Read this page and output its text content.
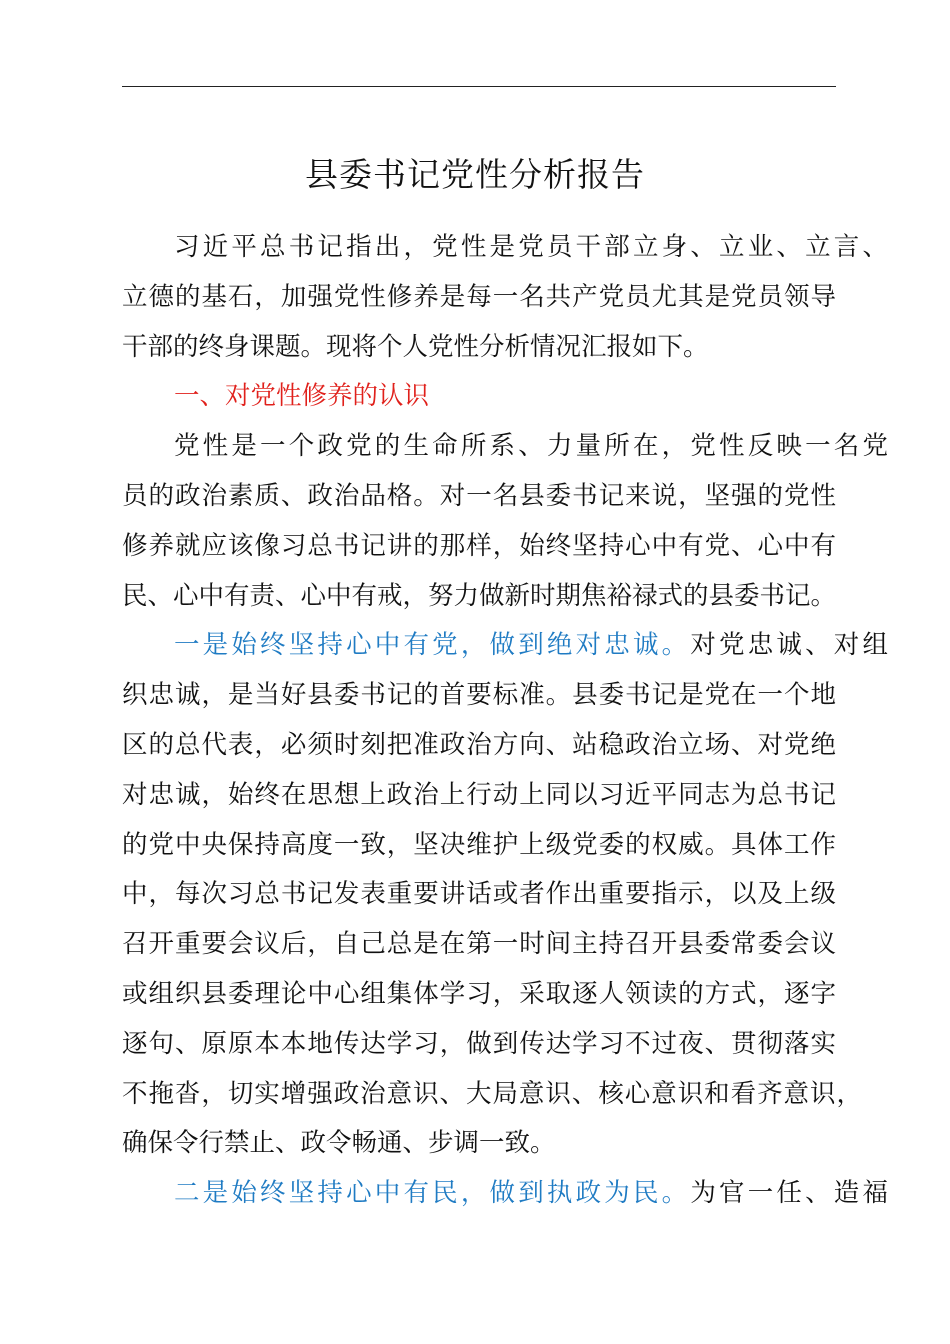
县委书记党性分析报告
习近平总书记指出，党性是党员干部立身、立业、立言、
立德的基石，加强党性修养是每一名共产党员尤其是党员领导
干部的终身课题。现将个人党性分析情况汇报如下。
一、对党性修养的认识
党性是一个政党的生命所系、力量所在，党性反映一名党
员的政治素质、政治品格。对一名县委书记来说，坚强的党性
修养就应该像习总书记讲的那样，始终坚持心中有党、心中有
民、心中有责、心中有戒，努力做新时期焦裕禄式的县委书记。
一是始终坚持心中有党，做到绝对忠诚。对党忠诚、对组
织忠诚，是当好县委书记的首要标准。县委书记是党在一个地
区的总代表，必须时刻把准政治方向、站稳政治立场、对党绝
对忠诚，始终在思想上政治上行动上同以习近平同志为总书记
的党中央保持高度一致，坚决维护上级党委的权威。具体工作
中，每次习总书记发表重要讲话或者作出重要指示，以及上级
召开重要会议后，自己总是在第一时间主持召开县委常委会议
或组织县委理论中心组集体学习，采取逐人领读的方式，逐字
逐句、原原本本地传达学习，做到传达学习不过夜、贯彻落实
不拖沓，切实增强政治意识、大局意识、核心意识和看齐意识，
确保令行禁止、政令畅通、步调一致。
二是始终坚持心中有民，做到执政为民。为官一任、造福
